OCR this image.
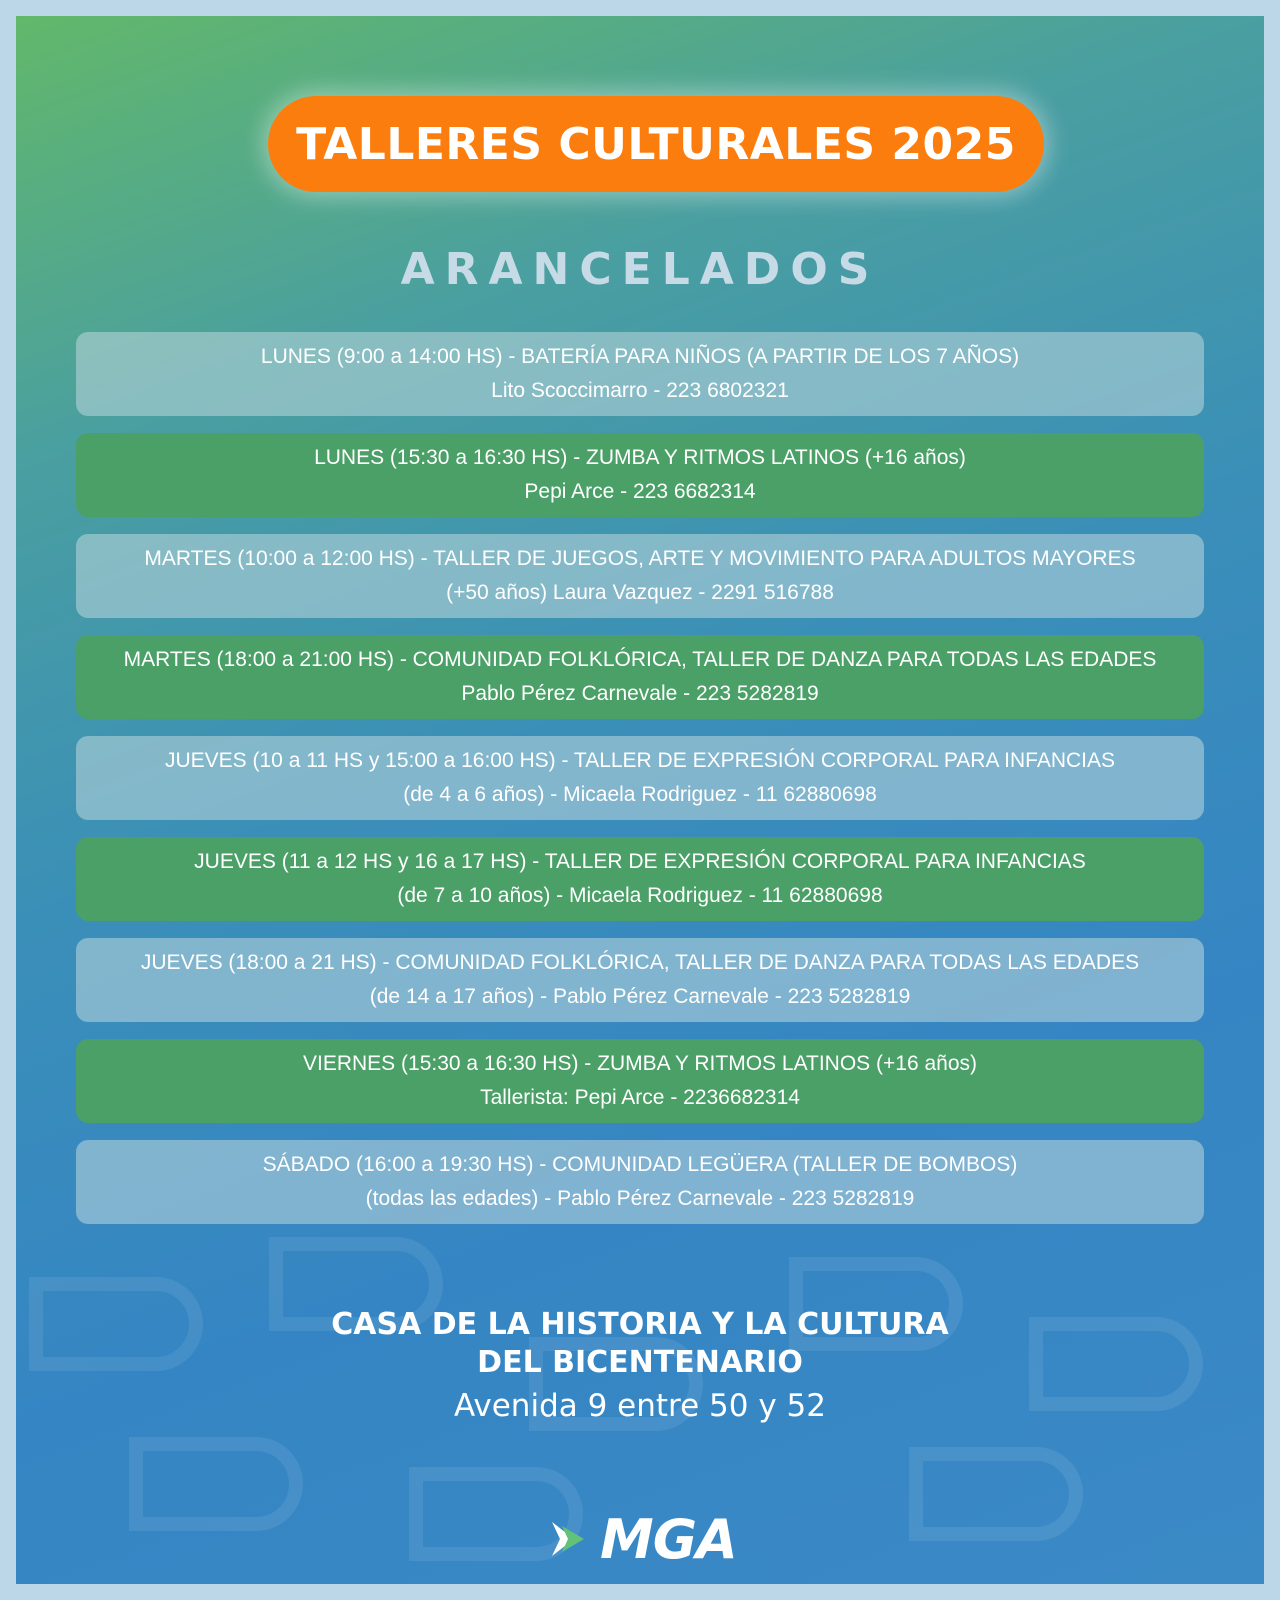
TALLERES CULTURALES 2025
ARANCELADOS
LUNES (9:00 a 14:00 HS) - BATERÍA PARA NIÑOS (A PARTIR DE LOS 7 AÑOS)
Lito Scoccimarro - 223 6802321
LUNES (15:30 a 16:30 HS) - ZUMBA Y RITMOS LATINOS (+16 años)
Pepi Arce - 223 6682314
MARTES (10:00 a 12:00 HS) - TALLER DE JUEGOS, ARTE Y MOVIMIENTO PARA ADULTOS MAYORES
(+50 años) Laura Vazquez - 2291 516788
MARTES (18:00 a 21:00 HS) - COMUNIDAD FOLKLÓRICA, TALLER DE DANZA PARA TODAS LAS EDADES
Pablo Pérez Carnevale - 223 5282819
JUEVES (10 a 11 HS y 15:00 a 16:00 HS) - TALLER DE EXPRESIÓN CORPORAL PARA INFANCIAS
(de 4 a 6 años) - Micaela Rodriguez - 11 62880698
JUEVES (11 a 12 HS y 16 a 17 HS) - TALLER DE EXPRESIÓN CORPORAL PARA INFANCIAS
(de 7 a 10 años) - Micaela Rodriguez - 11 62880698
JUEVES (18:00 a 21 HS) - COMUNIDAD FOLKLÓRICA, TALLER DE DANZA PARA TODAS LAS EDADES
(de 14 a 17 años) - Pablo Pérez Carnevale - 223 5282819
VIERNES (15:30 a 16:30 HS) - ZUMBA Y RITMOS LATINOS (+16 años)
Tallerista: Pepi Arce - 2236682314
SÁBADO (16:00 a 19:30 HS) - COMUNIDAD LEGÜERA (TALLER DE BOMBOS)
(todas las edades) - Pablo Pérez Carnevale - 223 5282819
CASA DE LA HISTORIA Y LA CULTURA
DEL BICENTENARIO
Avenida 9 entre 50 y 52
MGA
